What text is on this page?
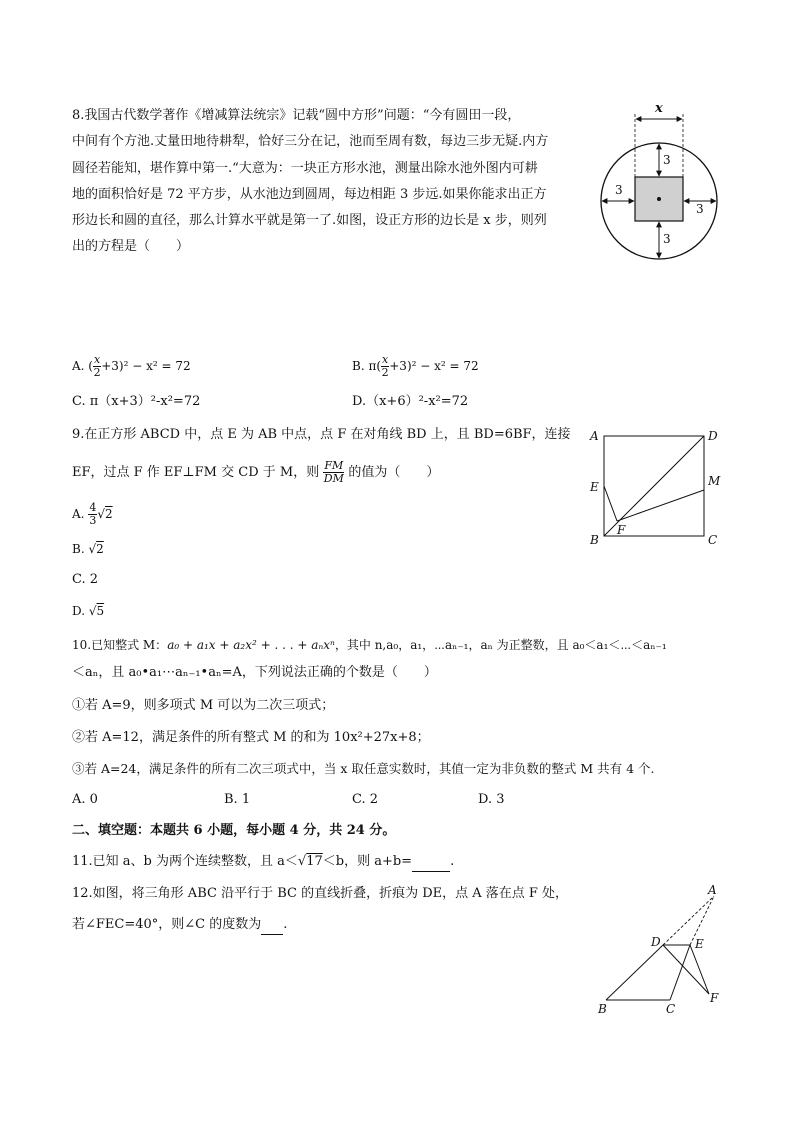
8.我国古代数学著作《增减算法统宗》记载“圆中方形”问题：“今有圆田一段，
中间有个方池.丈量田地待耕犁，恰好三分在记，池而至周有数，每边三步无疑.内方
圆径若能知，堪作算中第一.“大意为：一块正方形水池，测量出除水池外图内可耕
地的面积恰好是 72 平方步，从水池边到圆周，每边相距 3 步远.如果你能求出正方
形边长和圆的直径，那么计算水平就是第一了.如图，设正方形的边长是 x 步，则列
出的方程是（　　）
x
3
3
3
3
A. ( $\frac{x}{2} +3)^2 - x^2 = 72$	B. $\pi( \frac{x}{2} +3)^2 - x^2 = 72$
C. π（x+3）²-x²=72	D.（x+6）²-x²=72
9.在正方形 ABCD 中，点 E 为 AB 中点，点 F 在对角线 BD 上，且 BD=6BF，连接
EF，过点 F 作 EF⊥FM 交 CD 于 M，则 $\frac{FM}{DM}$ 的值为（　　）
A	D
E	M
F
B	C
A. $\frac{4}{3} √2$
B. √2
C. 2
D. √5
10.已知整式 M：a₀ + a₁x + a₂x² + . . . + aₙxⁿ，其中 n,a₀，a₁，⋯aₙ₋₁，aₙ 为正整数，且 a₀＜a₁＜⋯＜aₙ₋₁
＜aₙ，且 a₀•a₁⋯aₙ₋₁•aₙ=A，下列说法正确的个数是（　　）
①若 A=9，则多项式 M 可以为二次三项式；
②若 A=12，满足条件的所有整式 M 的和为 10x²+27x+8；
③若 A=24，满足条件的所有二次三项式中，当 x 取任意实数时，其值一定为非负数的整式 M 共有 4 个.
A. 0	B. 1	C. 2	D. 3
二、填空题：本题共 6 小题，每小题 4 分，共 24 分。
11.已知 a、b 为两个连续整数，且 a＜√17＜b，则 a+b=	.
12.如图，将三角形 ABC 沿平行于 BC 的直线折叠，折痕为 DE，点 A 落在点 F 处，
若∠FEC=40°，则∠C 的度数为 .
A
D	E
F
B	C
